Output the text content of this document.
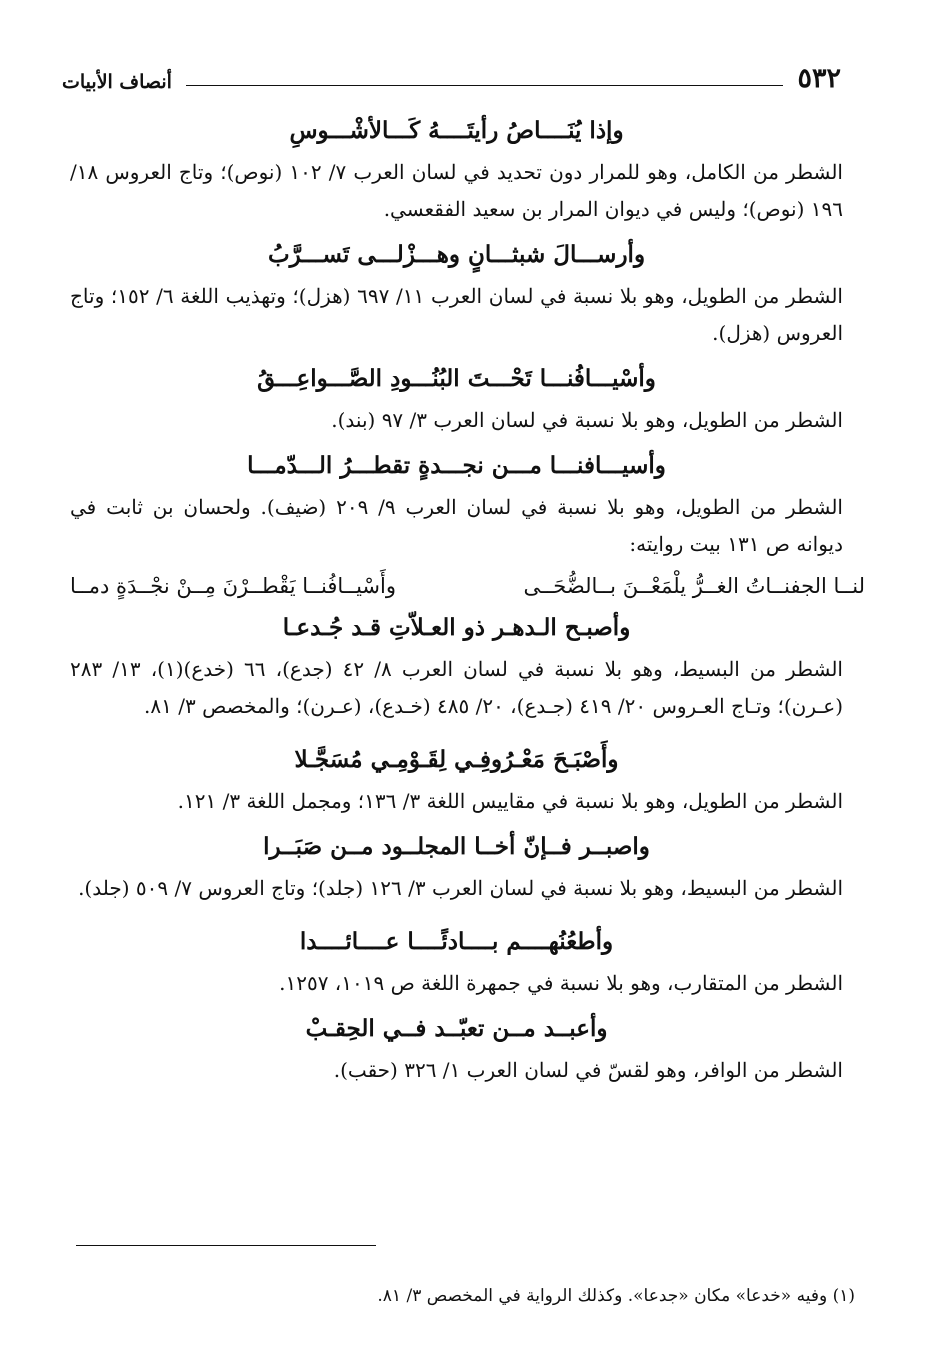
٥٣٢
أنصاف الأبيات

وإذا يُنَــــاصُ رأيتَــــهُ كَـــالأشْـــوسِ

الشطر من الكامل، وهو للمرار دون تحديد في لسان العرب ٧/ ١٠٢ (نوص)؛ وتاج العروس ١٨/ ١٩٦ (نوص)؛ وليس في ديوان المرار بن سعيد الفقعسي.

وأرســـالَ شبثـــانٍ وهـــزْلـــى تَســـرَّبُ

الشطر من الطويل، وهو بلا نسبة في لسان العرب ١١/ ٦٩٧ (هزل)؛ وتهذيب اللغة ٦/ ١٥٢؛ وتاج العروس (هزل).

وأسْيـــافُنـــا تَحْـــتَ البُنُـــودِ الصَّـــواعِـــقُ

الشطر من الطويل، وهو بلا نسبة في لسان العرب ٣/ ٩٧ (بند).

وأسيـــافنـــا مـــن نجـــدةٍ تقطـــرُ الـــدّمـــا

الشطر من الطويل، وهو بلا نسبة في لسان العرب ٩/ ٢٠٩ (ضيف). ولحسان بن ثابت في ديوانه ص ١٣١ بيت روايته:

لنــا الجفنــاتُ الغــرُّ يلْمَعْــنَ بــالضُّحَــى
وأَسْيــافُنــا يَقْطــرْنَ مِــنْ نجْــدَةٍ دمــا

وأصبـح الـدهـر ذو العـلاّتِ قـد جُـدعـا

الشطر من البسيط، وهو بلا نسبة في لسان العرب ٨/ ٤٢ (جدع)، ٦٦ (خدع)(١)، ١٣/ ٢٨٣ (عـرن)؛ وتـاج العـروس ٢٠/ ٤١٩ (جـدع)، ٢٠/ ٤٨٥ (خـدع)، (عـرن)؛ والمخصص ٣/ ٨١.

وأَصْبَـحَ مَعْـرُوفِـي لِقَـوْمِـي مُسَجَّـلا

الشطر من الطويل، وهو بلا نسبة في مقاييس اللغة ٣/ ١٣٦؛ ومجمل اللغة ٣/ ١٢١.

واصبــر فــإنّ أخــا المجلــود مــن صَبَــرا

الشطر من البسيط، وهو بلا نسبة في لسان العرب ٣/ ١٢٦ (جلد)؛ وتاج العروس ٧/ ٥٠٩ (جلد).

وأطعُنُهــــم بــــادئًــــا عــــائــــدا

الشطر من المتقارب، وهو بلا نسبة في جمهرة اللغة ص ١٠١٩، ١٢٥٧.

وأعبــد مــن تعبّــد فــي الحِقـبْ

الشطر من الوافر، وهو لقسّ في لسان العرب ١/ ٣٢٦ (حقب).

(١) وفيه «خدعا» مكان «جدعا». وكذلك الرواية في المخصص ٣/ ٨١.
